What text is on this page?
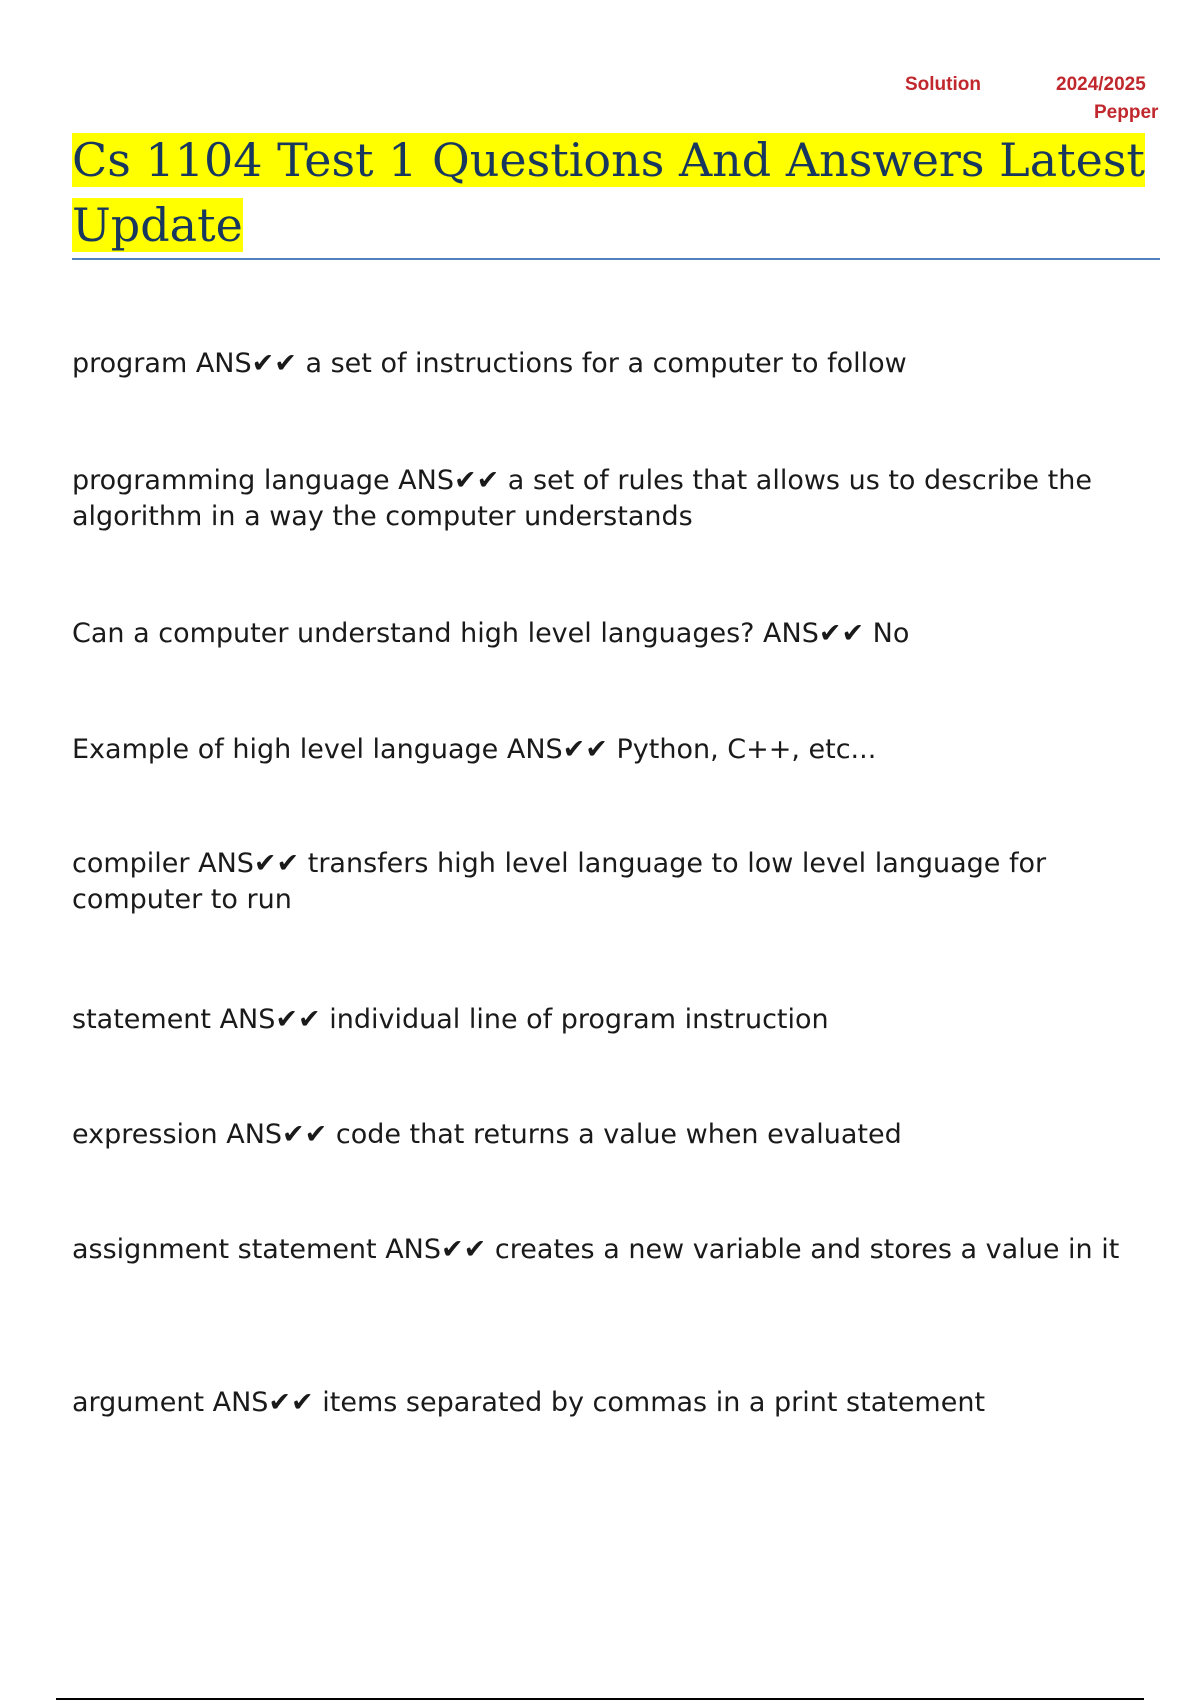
Solution	2024/2025
Pepper
Cs 1104 Test 1 Questions And Answers Latest Update

program ANS✔✔ a set of instructions for a computer to follow

programming language ANS✔✔ a set of rules that allows us to describe the algorithm in a way the computer understands

Can a computer understand high level languages? ANS✔✔ No

Example of high level language ANS✔✔ Python, C++, etc...

compiler ANS✔✔ transfers high level language to low level language for computer to run

statement ANS✔✔ individual line of program instruction

expression ANS✔✔ code that returns a value when evaluated

assignment statement ANS✔✔ creates a new variable and stores a value in it

argument ANS✔✔ items separated by commas in a print statement
